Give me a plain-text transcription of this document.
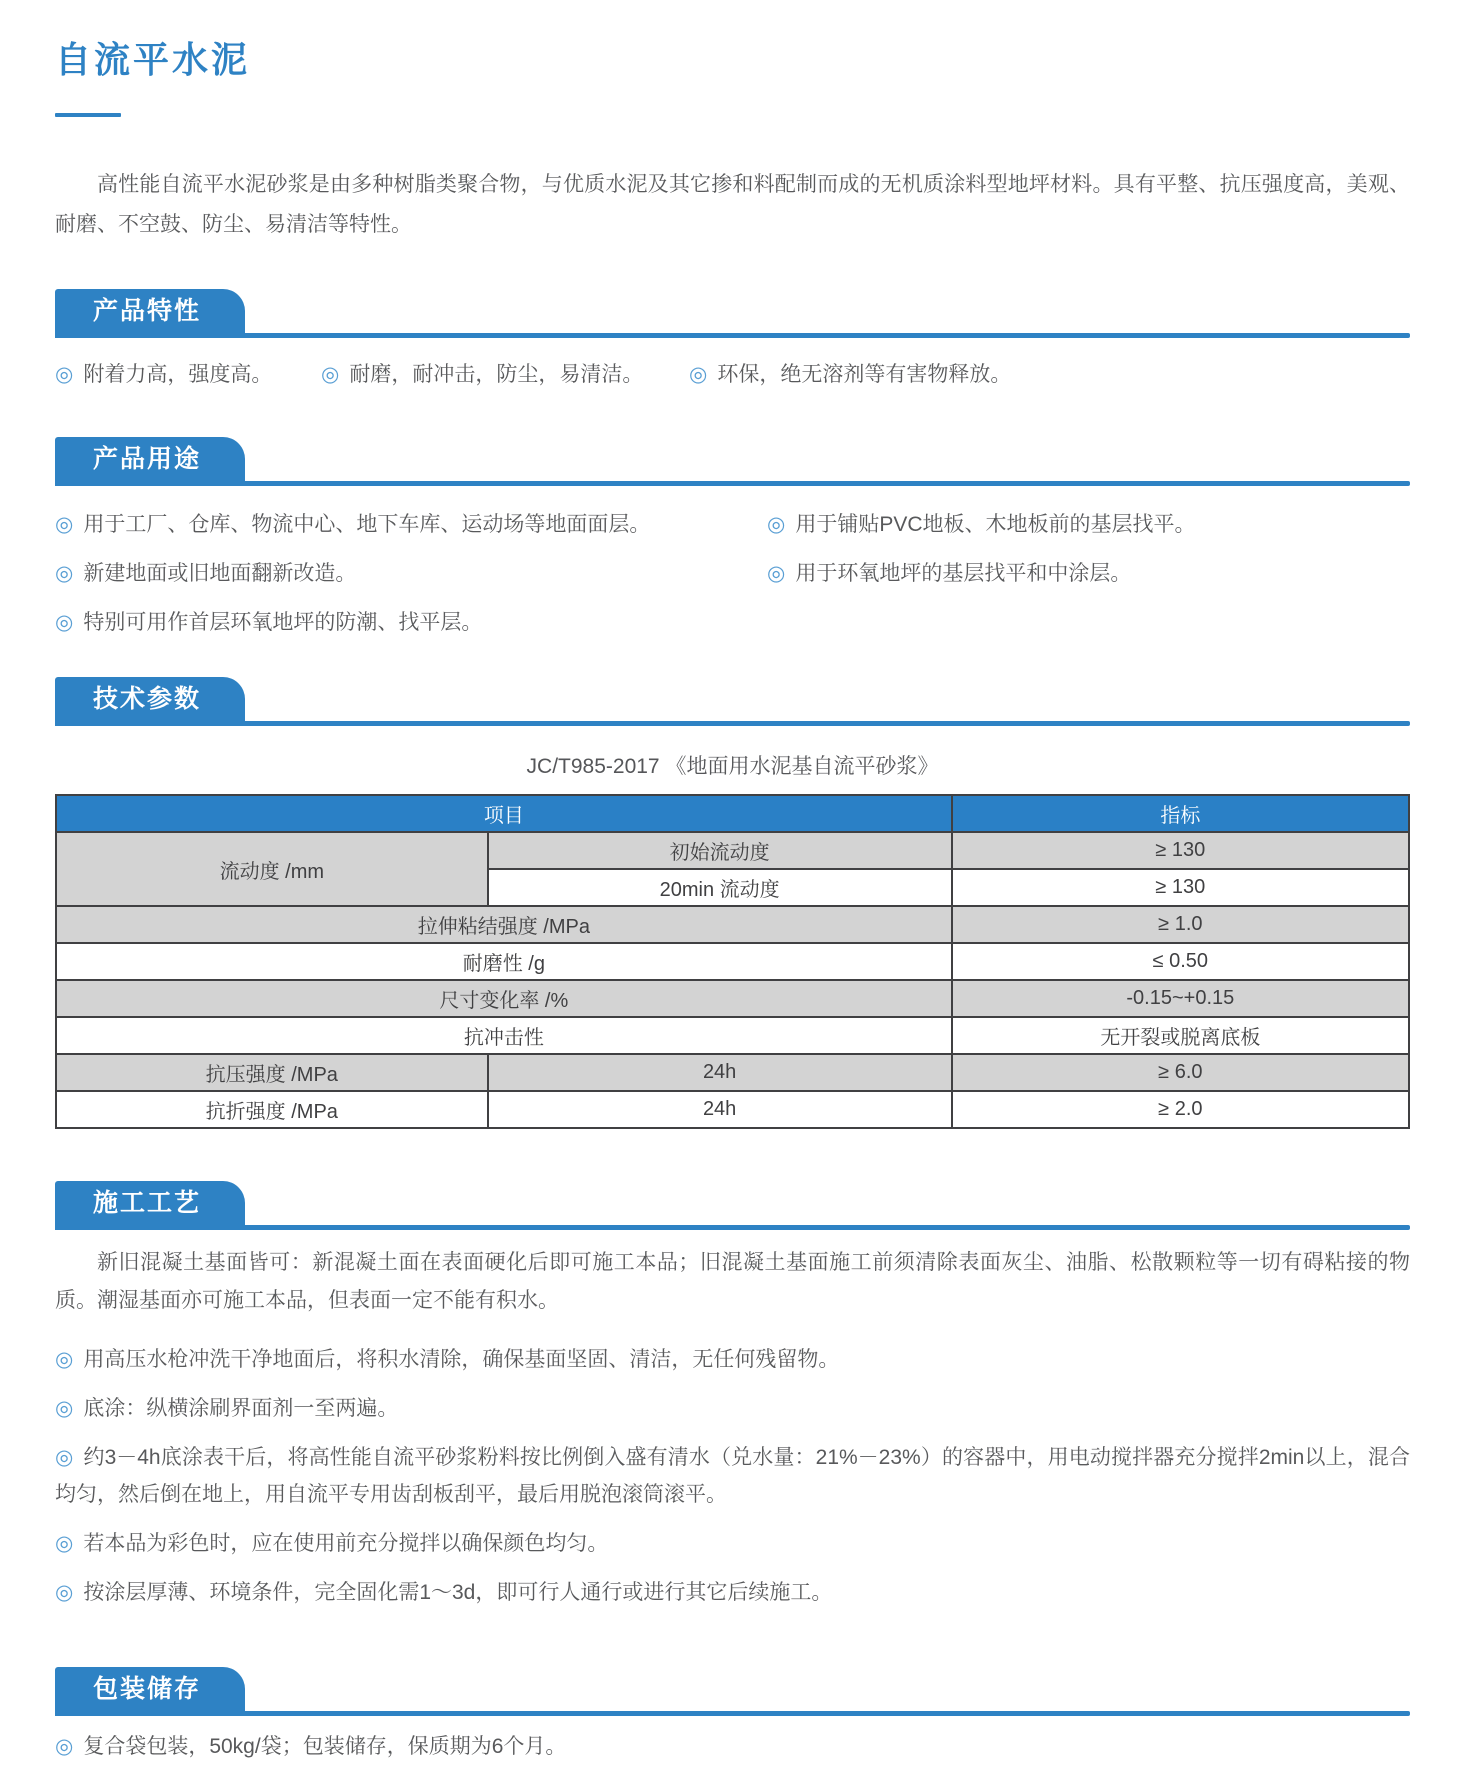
自流平水泥

高性能自流平水泥砂浆是由多种树脂类聚合物，与优质水泥及其它掺和料配制而成的无机质涂料型地坪材料。具有平整、抗压强度高，美观、耐磨、不空鼓、防尘、易清洁等特性。

产品特性
◎ 附着力高，强度高。	◎ 耐磨，耐冲击，防尘，易清洁。	◎ 环保，绝无溶剂等有害物释放。
产品用途
◎ 用于工厂、仓库、物流中心、地下车库、运动场等地面面层。
◎ 新建地面或旧地面翻新改造。
◎ 特别可用作首层环氧地坪的防潮、找平层。
◎ 用于铺贴PVC地板、木地板前的基层找平。
◎ 用于环氧地坪的基层找平和中涂层。
技术参数
JC/T985-2017 《地面用水泥基自流平砂浆》
项目		指标
流动度 /mm	初始流动度	≥ 130
	20min 流动度	≥ 130
拉伸粘结强度 /MPa		≥ 1.0
耐磨性 /g		≤ 0.50
尺寸变化率 /%		-0.15~+0.15
抗冲击性		无开裂或脱离底板
抗压强度 /MPa	24h	≥ 6.0
抗折强度 /MPa	24h	≥ 2.0
施工工艺

新旧混凝土基面皆可：新混凝土面在表面硬化后即可施工本品；旧混凝土基面施工前须清除表面灰尘、油脂、松散颗粒等一切有碍粘接的物质。潮湿基面亦可施工本品，但表面一定不能有积水。

◎ 用高压水枪冲洗干净地面后，将积水清除，确保基面坚固、清洁，无任何残留物。
◎ 底涂：纵横涂刷界面剂一至两遍。
◎ 约3－4h底涂表干后，将高性能自流平砂浆粉料按比例倒入盛有清水（兑水量：21%－23%）的容器中，用电动搅拌器充分搅拌2min以上，混合均匀，然后倒在地上，用自流平专用齿刮板刮平，最后用脱泡滚筒滚平。
◎ 若本品为彩色时，应在使用前充分搅拌以确保颜色均匀。
◎ 按涂层厚薄、环境条件，完全固化需1～3d，即可行人通行或进行其它后续施工。
包装储存
◎ 复合袋包装，50kg/袋；包装储存，保质期为6个月。
